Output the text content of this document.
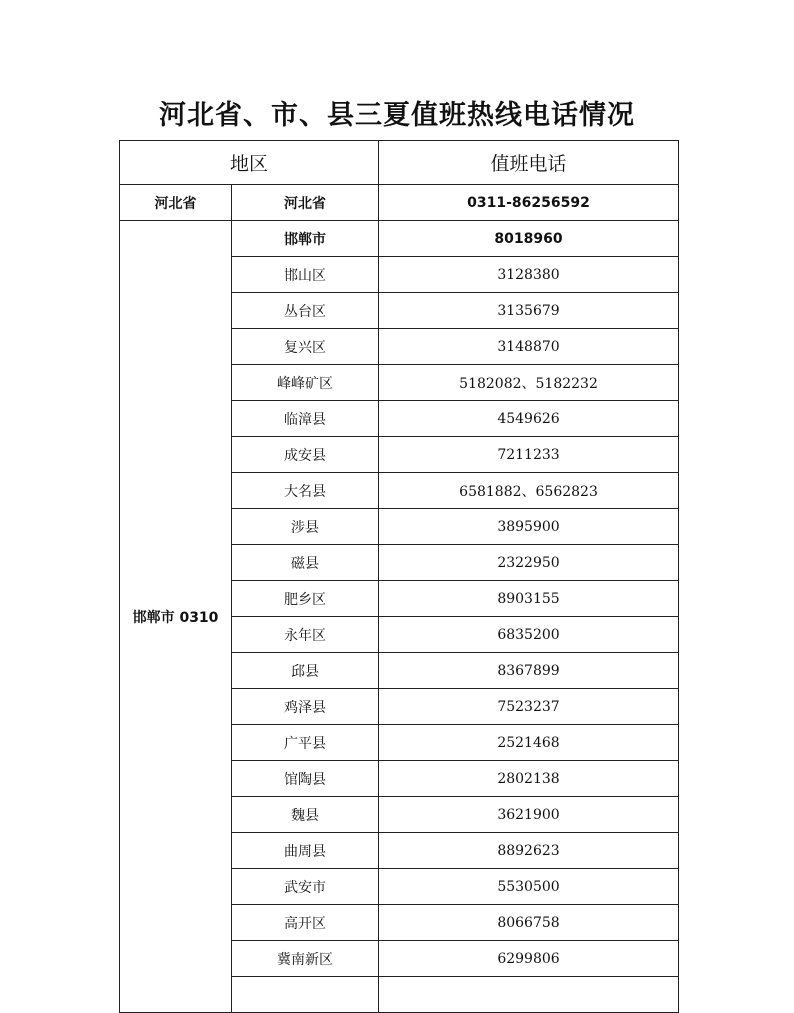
河北省、市、县三夏值班热线电话情况
地区		值班电话
河北省	河北省	0311-86256592
邯郸市 0310	邯郸市	8018960
	邯山区	3128380
	丛台区	3135679
	复兴区	3148870
	峰峰矿区	5182082、5182232
	临漳县	4549626
	成安县	7211233
	大名县	6581882、6562823
	涉县	3895900
	磁县	2322950
	肥乡区	8903155
	永年区	6835200
	邱县	8367899
	鸡泽县	7523237
	广平县	2521468
	馆陶县	2802138
	魏县	3621900
	曲周县	8892623
	武安市	5530500
	高开区	8066758
	冀南新区	6299806
